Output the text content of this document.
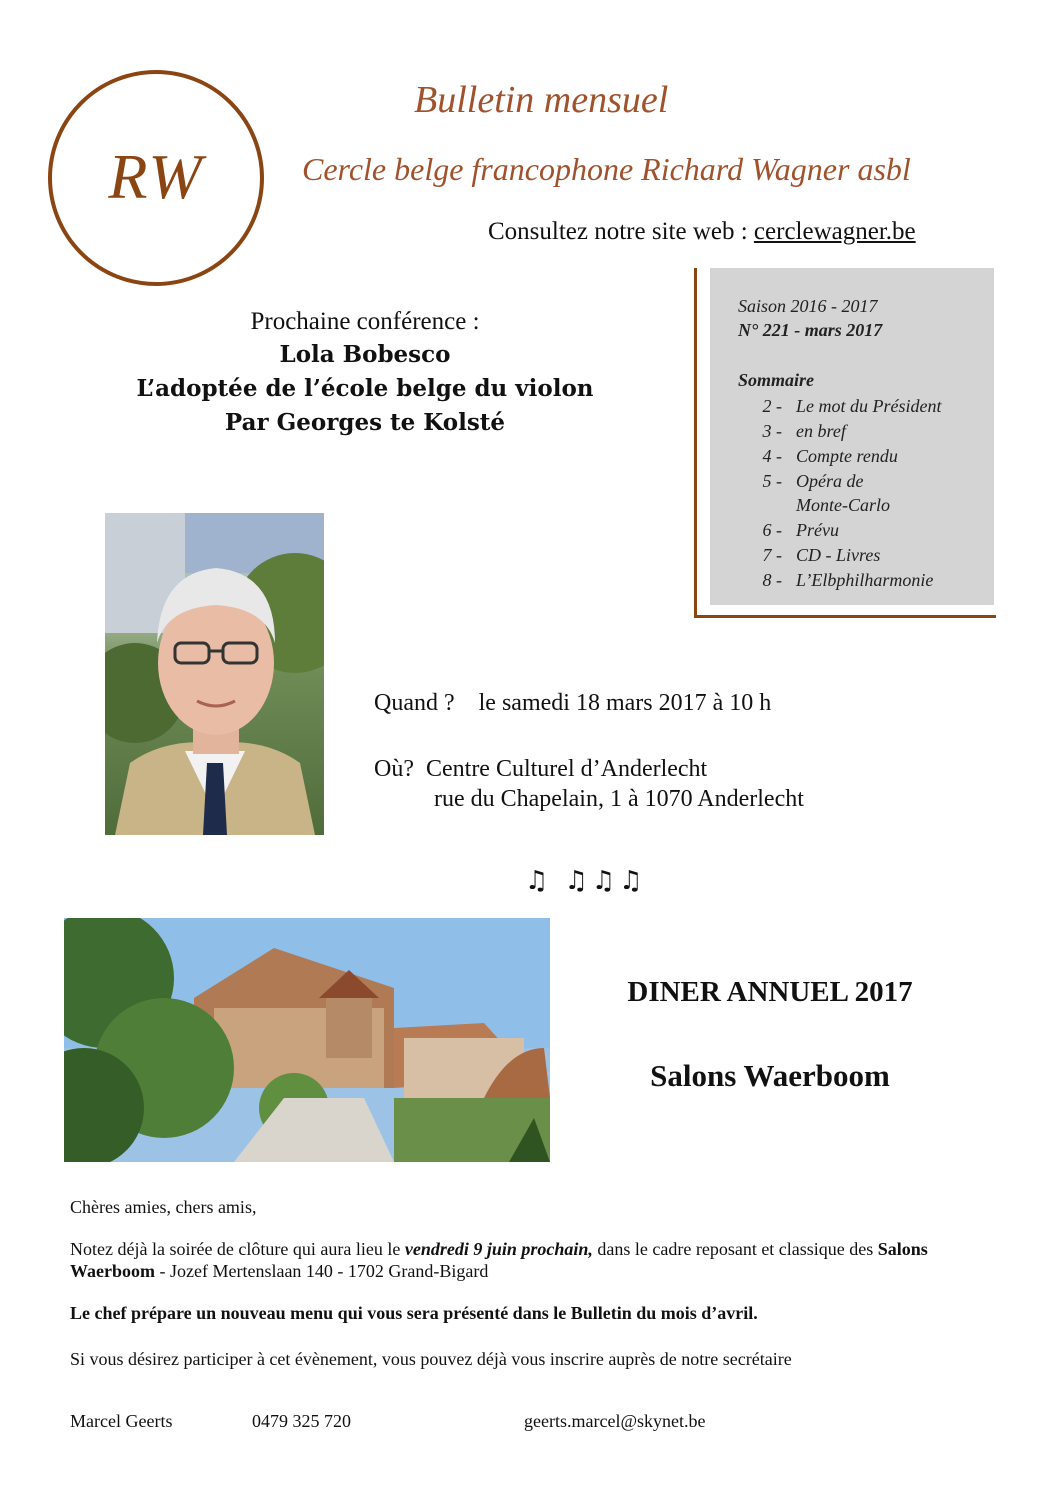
RW
Bulletin mensuel
Cercle belge francophone Richard Wagner asbl
Consultez notre site web : cerclewagner.be
Saison 2016 - 2017
N° 221 - mars 2017
Sommaire
2 - Le mot du Président
3 - en bref
4 - Compte rendu
5 - Opéra de
Monte-Carlo
6 - Prévu
7 - CD - Livres
8 - L’Elbphilharmonie
Prochaine conférence :
Lola Bobesco
L’adoptée de l’école belge du violon
Par Georges te Kolsté
Quand ? le samedi 18 mars 2017 à 10 h
Où? Centre Culturel d’Anderlecht
rue du Chapelain, 1 à 1070 Anderlecht
♫ ♫♫♫
DINER ANNUEL 2017
Salons Waerboom
Chères amies, chers amis,
Notez déjà la soirée de clôture qui aura lieu le vendredi 9 juin prochain, dans le cadre reposant et classique des Salons Waerboom - Jozef Mertenslaan 140 - 1702 Grand-Bigard
Le chef prépare un nouveau menu qui vous sera présenté dans le Bulletin du mois d’avril.
Si vous désirez participer à cet évènement, vous pouvez déjà vous inscrire auprès de notre secrétaire
Marcel Geerts	0479 325 720	geerts.marcel@skynet.be
